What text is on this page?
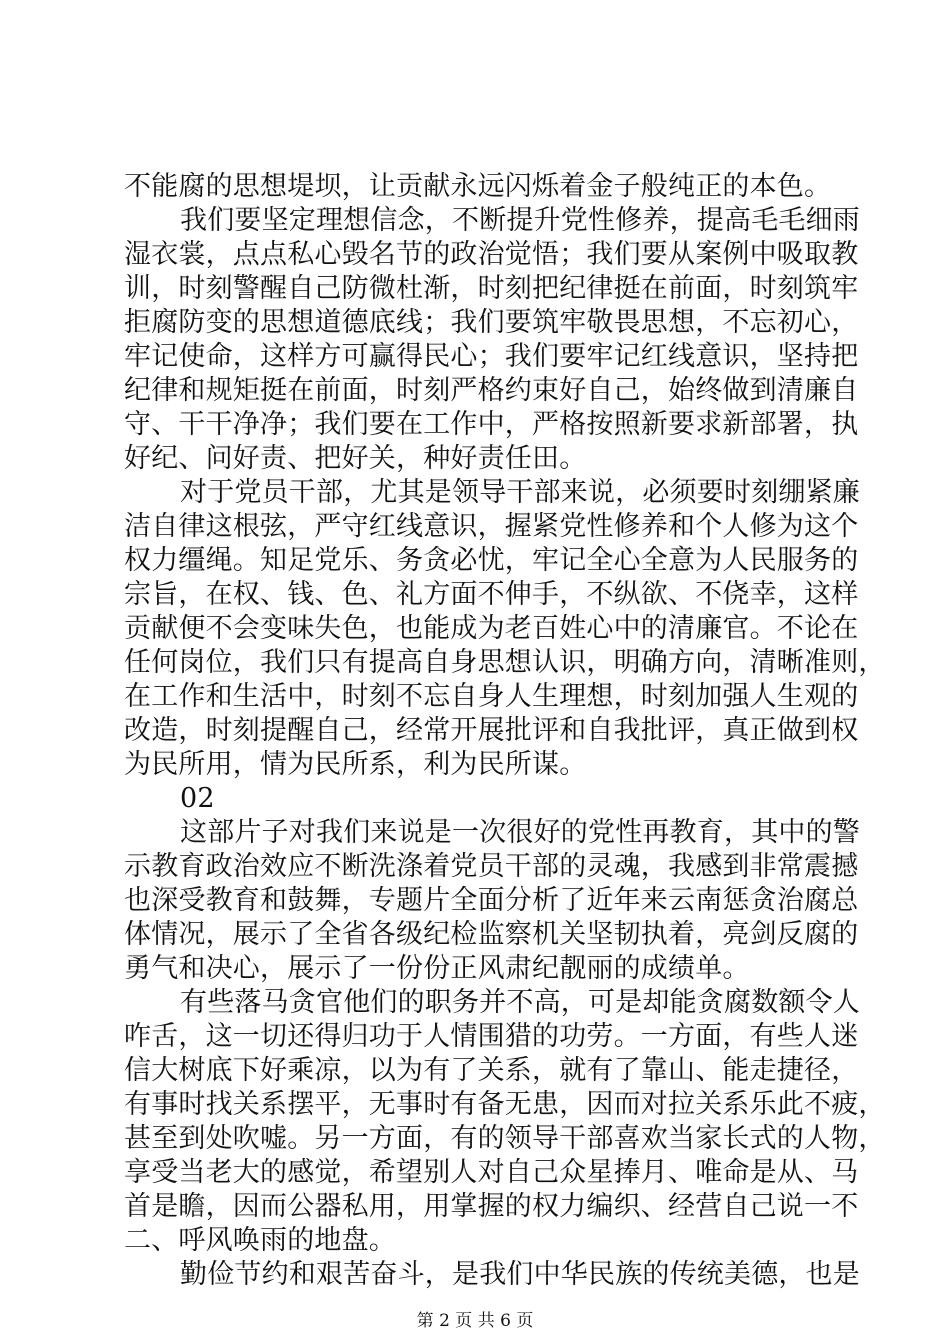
不能腐的思想堤坝，让贡献永远闪烁着金子般纯正的本色。
我们要坚定理想信念，不断提升党性修养，提高毛毛细雨
湿衣裳，点点私心毁名节的政治觉悟；我们要从案例中吸取教
训，时刻警醒自己防微杜渐，时刻把纪律挺在前面，时刻筑牢
拒腐防变的思想道德底线；我们要筑牢敬畏思想，不忘初心，
牢记使命，这样方可赢得民心；我们要牢记红线意识，坚持把
纪律和规矩挺在前面，时刻严格约束好自己，始终做到清廉自
守、干干净净；我们要在工作中，严格按照新要求新部署，执
好纪、问好责、把好关，种好责任田。
对于党员干部，尤其是领导干部来说，必须要时刻绷紧廉
洁自律这根弦，严守红线意识，握紧党性修养和个人修为这个
权力缰绳。知足党乐、务贪必忧，牢记全心全意为人民服务的
宗旨，在权、钱、色、礼方面不伸手，不纵欲、不侥幸，这样
贡献便不会变味失色，也能成为老百姓心中的清廉官。不论在
任何岗位，我们只有提高自身思想认识，明确方向，清晰准则，
在工作和生活中，时刻不忘自身人生理想，时刻加强人生观的
改造，时刻提醒自己，经常开展批评和自我批评，真正做到权
为民所用，情为民所系，利为民所谋。
02
这部片子对我们来说是一次很好的党性再教育，其中的警
示教育政治效应不断洗涤着党员干部的灵魂，我感到非常震撼
也深受教育和鼓舞，专题片全面分析了近年来云南惩贪治腐总
体情况，展示了全省各级纪检监察机关坚韧执着，亮剑反腐的
勇气和决心，展示了一份份正风肃纪靓丽的成绩单。
有些落马贪官他们的职务并不高，可是却能贪腐数额令人
咋舌，这一切还得归功于人情围猎的功劳。一方面，有些人迷
信大树底下好乘凉，以为有了关系，就有了靠山、能走捷径，
有事时找关系摆平，无事时有备无患，因而对拉关系乐此不疲，
甚至到处吹嘘。另一方面，有的领导干部喜欢当家长式的人物，
享受当老大的感觉，希望别人对自己众星捧月、唯命是从、马
首是瞻，因而公器私用，用掌握的权力编织、经营自己说一不
二、呼风唤雨的地盘。
勤俭节约和艰苦奋斗，是我们中华民族的传统美德，也是
第 2 页 共 6 页
